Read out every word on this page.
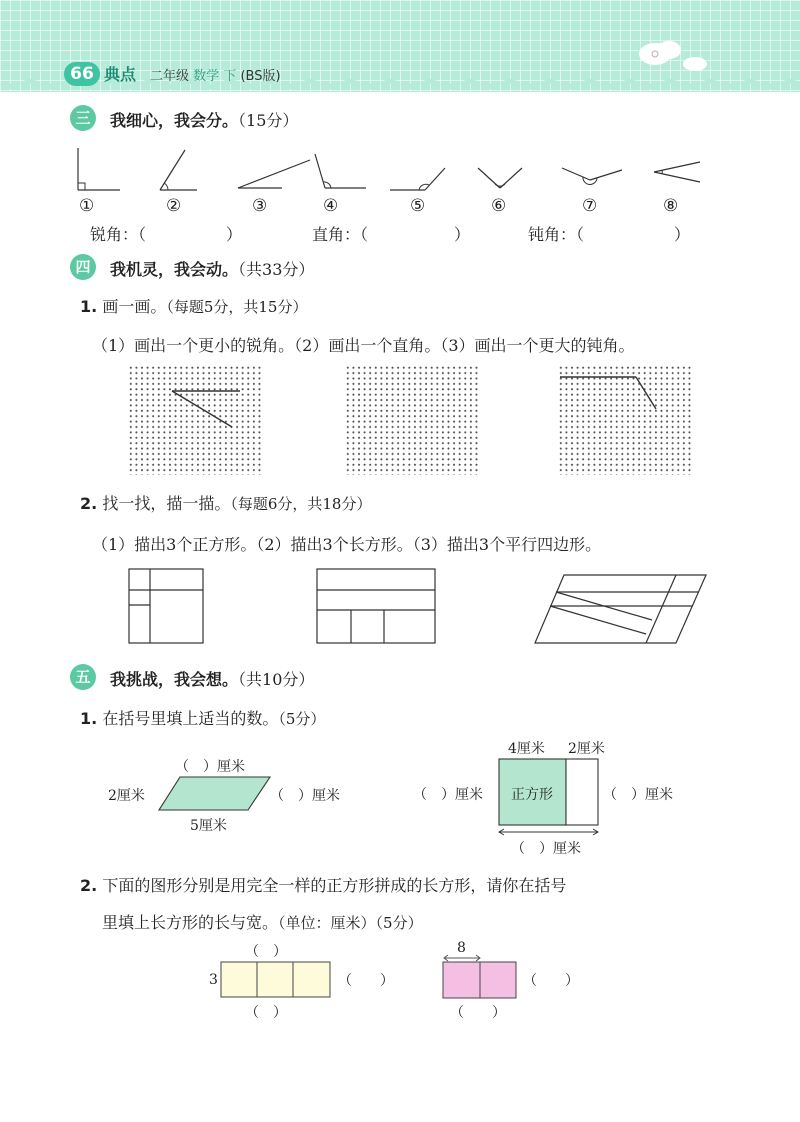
66 典点 二年级 数学 下 (BS版)
三	我细心，我会分。（15分）
①	②	③	④	⑤	⑥	⑦	⑧
锐角：（	）	直角：（	）	钝角：（	）
四	我机灵，我会动。（共33分）
1. 画一画。（每题5分，共15分）
（1）画出一个更小的锐角。（2）画出一个直角。（3）画出一个更大的钝角。
2. 找一找，描一描。（每题6分，共18分）
（1）描出3个正方形。（2）描出3个长方形。（3）描出3个平行四边形。
五	我挑战，我会想。（共10分）
1. 在括号里填上适当的数。（5分）
（　）厘米
2厘米	（　）厘米
5厘米
4厘米 2厘米
正方形
（　）厘米	（　）厘米
（　）厘米
2. 下面的图形分别是用完全一样的正方形拼成的长方形，请你在括号
里填上长方形的长与宽。（单位：厘米）（5分）
（　）
3	（　　）
（　）
8
（　　）
（　　）
